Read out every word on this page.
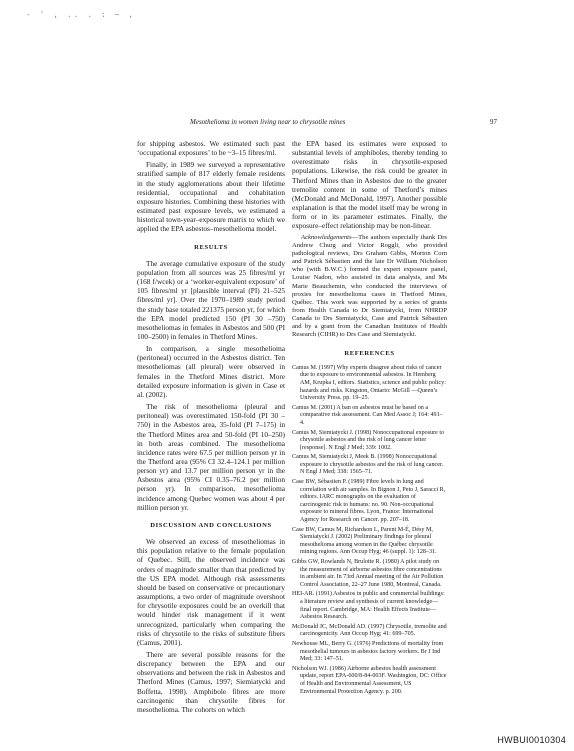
- ' , .. . : ~ ,
Mesothelioma in women living near to chrysotile mines	97

for shipping asbestos. We estimated such past ‘occupational exposures’ to be ~3–15 fibres/ml.

Finally, in 1989 we surveyed a representative stratified sample of 817 elderly female residents in the study agglomerations about their lifetime residential, occupational and cohabitation exposure histories. Combining these histories with estimated past exposure levels, we estimated a historical town-year–exposure matrix to which we applied the EPA asbestos–mesothelioma model.

RESULTS

The average cumulative exposure of the study population from all sources was 25 fibres/ml yr (168 f/wcek) or a ‘worker-equivalent exposure’ of 105 fibres/ml yr [plausible interval (PI) 21–525 fibres/ml yr]. Over the 1970–1989 study period the study base totaled 221375 person yr, for which the EPA model predicted 150 (PI 30 –750) mesotheliomas in females in Asbestos and 500 (PI 100–2500) in females in Thetford Mines.

In comparison, a single mesothelioma (peritoneal) occurred in the Asbestos district. Ten mesotheliomas (all pleural) were observed in females in the Thetford Mines district. More detailed exposure information is given in Case et al. (2002).

The risk of mesothelioma (pleural and peritoneal) was overestimated 150-fold (PI 30 –750) in the Asbestos area, 35-fold (PI 7–175) in the Thetford Mines area and 50-fold (PI 10–250) in both areas combined. The mesothelioma incidence rates were 67.5 per million person yr in the Thetford area (95% CI 32.4–124.1 per million person yr) and 13.7 per million person yr in the Asbestos area (95% CI 0.35–76.2 per million person yr). In comparison, mesothelioma incidence among Quebec women was about 4 per million person yr.

DISCUSSION AND CONCLUSIONS

We observed an excess of mesotheliomas in this population relative to the female population of Quebec. Still, the observed incidence was orders of magnitude smaller than that predicted by the US EPA model. Although risk assessments should be based on conservative or precautionary assumptions, a two order of magnitude overshoot for chrysotile exposures could be an overkill that would hinder risk management if it went unrecognized, particularly when comparing the risks of chrysotile to the risks of substitute fibers (Camus, 2001).

There are several possible reasons for the discrepancy between the EPA and our observations and between the risk in Asbestos and Thetford Mines (Camus, 1997; Siemiatycki and Boffetta, 1998). Amphibole fibres are more carcinogenic than chrysotile fibres for mesothelioma. The cohorts on which

the EPA based its estimates were exposed to substantial levels of amphiboles, thereby tending to overestimate risks in chrysotile-exposed populations. Likewise, the risk could be greater in Thetford Mines than in Asbestos due to the greater tremolite content in some of Thetford’s mines (McDonald and McDonald, 1997). Another possible explanation is that the model itself may be wrong in form or in its parameter estimates. Finally, the exposure–effect relationship may be non-linear.

Acknowledgements—The authors especially thank Drs Andrew Churg and Victor Roggli, who provided pathological reviews, Drs Graham Gibbs, Morton Corn and Patrick Sébastien and the late Dr William Nicholson who (with B.W.C.) formed the expert exposure panel, Louise Nadon, who assisted in data analysis, and Ms Marie Beauchemin, who conducted the interviews of proxies for mesothelioma cases in Thetford Mines, Québec. This work was supported by a series of grants from Health Canada to Dr Siemiatycki, from NHRDP Canada to Drs Siemiatycki, Case and Patrick Sébastien and by a grant from the Canadian Institutes of Health Research (CIHR) to Drs Case and Siemiatycki.

REFERENCES

Camus M. (1997) Why experts disagree about risks of cancer due to exposure to environmental asbestos. In Hemberg AM, Krupka I, editors. Statistics, science and public policy: hazards and risks. Kingston, Ontario: McGill —Queen’s University Press. pp. 19–25.

Camus M. (2001) A ban on asbestos must be based on a comparative risk assessment. Can Med Assoc J; 164: 491–4.

Camus M, Siemiatycki J. (1998) Nonoccupational exposure to chrysotile asbestos and the risk of lung cancer letter [response]. N Engl J Med; 339: 1002.

Camus M, Siemiatycki J, Meek B. (1998) Nonoccupational exposure to chrysotile asbestos and the risk of lung cancer. N Engl J Med; 338: 1565–71.

Case BW, Sébastien P. (1989) Fibre levels in lung and correlation with air samples. In Bignon J, Peto J, Saracci R, editors. IARC monographs on the evaluation of carcinogenic risk to humans: no. 90. Non-occupational exposure to mineral fibres. Lyon, France: International Agency for Research on Cancer. pp. 207–18.

Case BW, Camus M, Richardson L, Parent M-É, Désy M, Siemiatycki J. (2002) Preliminary findings for pleural mesothelioma among women in the Québec chrysotile mining regions. Ann Occup Hyg; 46 (suppl. 1): 128–31.

Gibbs GW, Rowlands N, Brulotte R. (1980) A pilot study on the measurement of airborne asbestos fibre concentrations in ambient air. In 73rd Annual meeting of the Air Pollution Control Association, 22–27 June 1980, Montreal, Canada.

HEI-AR. (1991) Asbestos in public and commercial buildings: a literature review and synthesis of current knowledge—final report. Cambridge, MA: Health Effects Institute—Asbestos Research.

McDonald JC, McDonald AD. (1997) Chrysotile, tremolite and carcinogenicity. Ann Occup Hyg; 41: 699–705.

Newhouse ML, Berry G. (1976) Predictions of mortality from mesothelial tumours in asbestos factory workers. Br J Ind Med; 33: 147–51.

Nicholson WJ. (1986) Airborne asbestos health assessment update, report EPA-600/8-84-003F. Washington, DC: Office of Health and Environmental Assessment, US Environmental Protection Agency. p. 200.

HWBUI0010304
